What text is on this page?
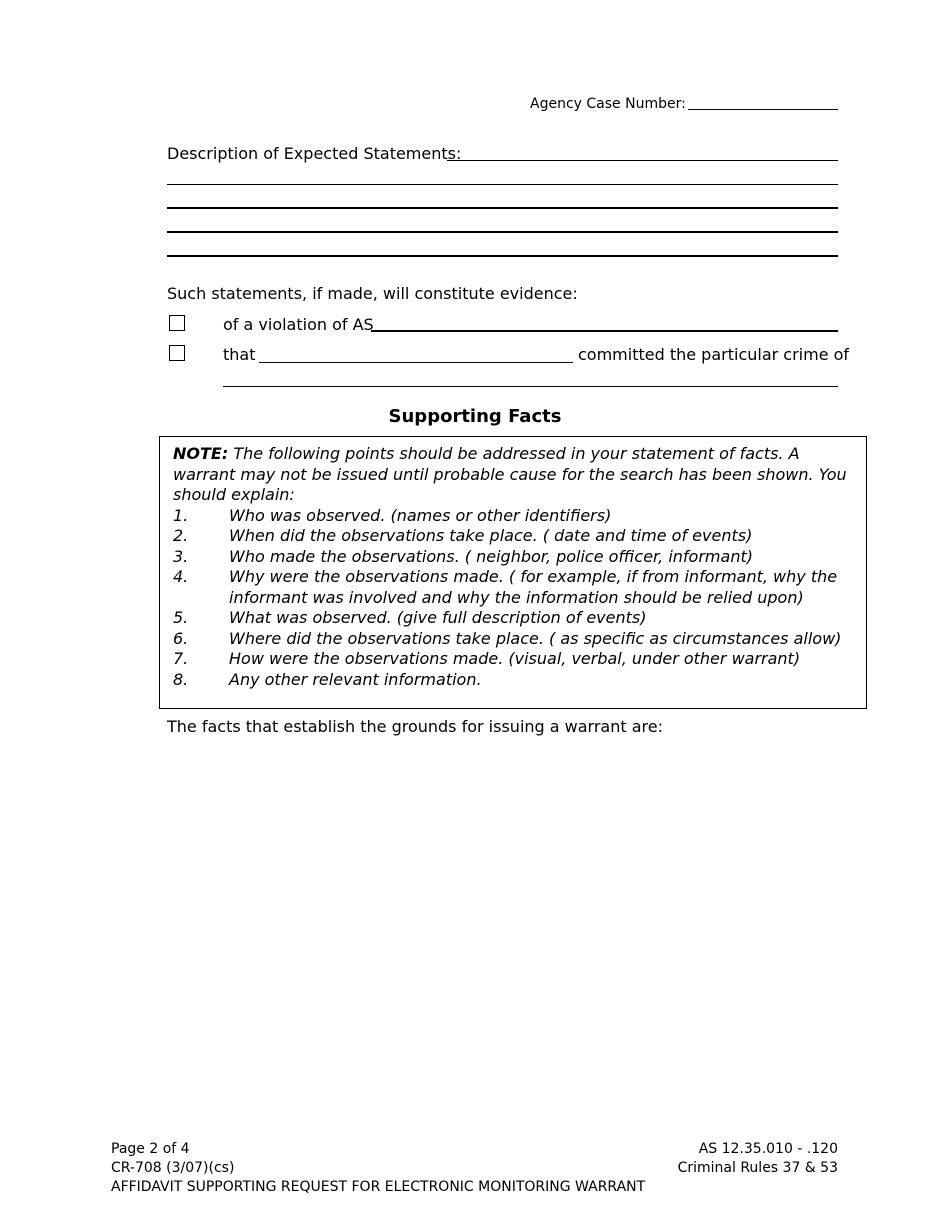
Agency Case Number:
Description of Expected Statements:
Such statements, if made, will constitute evidence:
of a violation of AS
that	committed the particular crime of
Supporting Facts
NOTE: The following points should be addressed in your statement of facts. A warrant may not be issued until probable cause for the search has been shown. You should explain:
1.	Who was observed. (names or other identifiers)
2.	When did the observations take place. ( date and time of events)
3.	Who made the observations. ( neighbor, police officer, informant)
4.	Why were the observations made. ( for example, if from informant, why the informant was involved and why the information should be relied upon)
5.	What was observed. (give full description of events)
6.	Where did the observations take place. ( as specific as circumstances allow)
7.	How were the observations made. (visual, verbal, under other warrant)
8.	Any other relevant information.
The facts that establish the grounds for issuing a warrant are:
Page 2 of 4
CR-708 (3/07)(cs)
AFFIDAVIT SUPPORTING REQUEST FOR ELECTRONIC MONITORING WARRANT
AS 12.35.010 - .120
Criminal Rules 37 & 53
